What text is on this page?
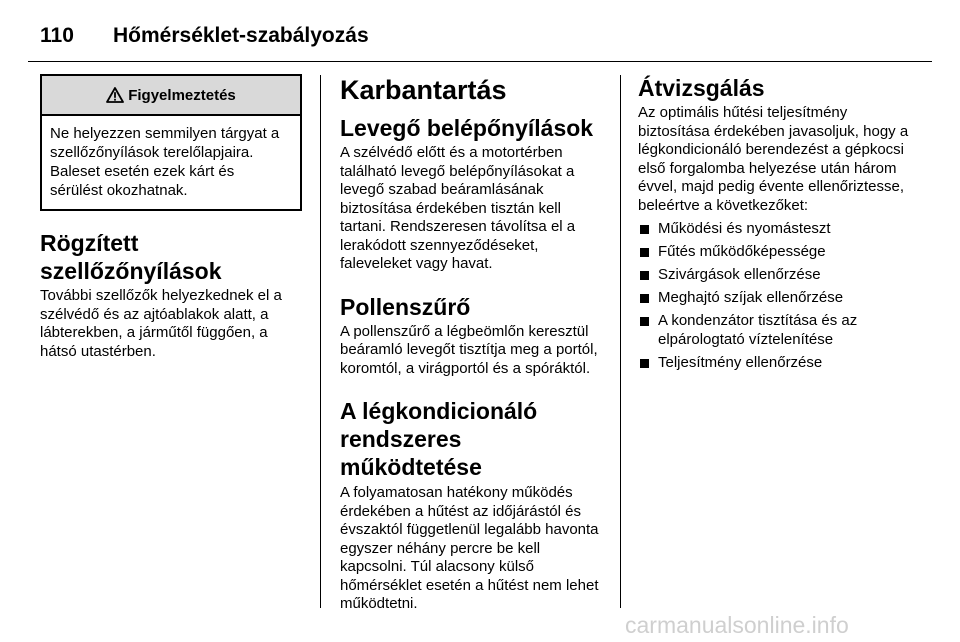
110	Hőmérséklet-szabályozás
Figyelmeztetés
Ne helyezzen semmilyen tárgyat a szellőzőnyílások terelőlapjaira. Baleset esetén ezek kárt és sérülést okozhatnak.
Rögzített szellőzőnyílások

További szellőzők helyezkednek el a szélvédő és az ajtóablakok alatt, a lábterekben, a járműtől függően, a hátsó utastérben.

Karbantartás
Levegő belépőnyílások

A szélvédő előtt és a motortérben található levegő belépőnyílásokat a levegő szabad beáramlásának biztosítása érdekében tisztán kell tartani. Rendszeresen távolítsa el a lerakódott szennyeződéseket, faleveleket vagy havat.

Pollenszűrő

A pollenszűrő a légbeömlőn keresztül beáramló levegőt tisztítja meg a portól, koromtól, a virágportól és a spóráktól.

A légkondicionáló rendszeres működtetése

A folyamatosan hatékony működés érdekében a hűtést az időjárástól és évszaktól függetlenül legalább havonta egyszer néhány percre be kell kapcsolni. Túl alacsony külső hőmérséklet esetén a hűtést nem lehet működtetni.

Átvizsgálás

Az optimális hűtési teljesítmény biztosítása érdekében javasoljuk, hogy a légkondicionáló berendezést a gépkocsi első forgalomba helyezése után három évvel, majd pedig évente ellenőriztesse, beleértve a következőket:

Működési és nyomásteszt
Fűtés működőképessége
Szivárgások ellenőrzése
Meghajtó szíjak ellenőrzése
A kondenzátor tisztítása és az elpárologtató víztelenítése
Teljesítmény ellenőrzése
carmanualsonline.info
